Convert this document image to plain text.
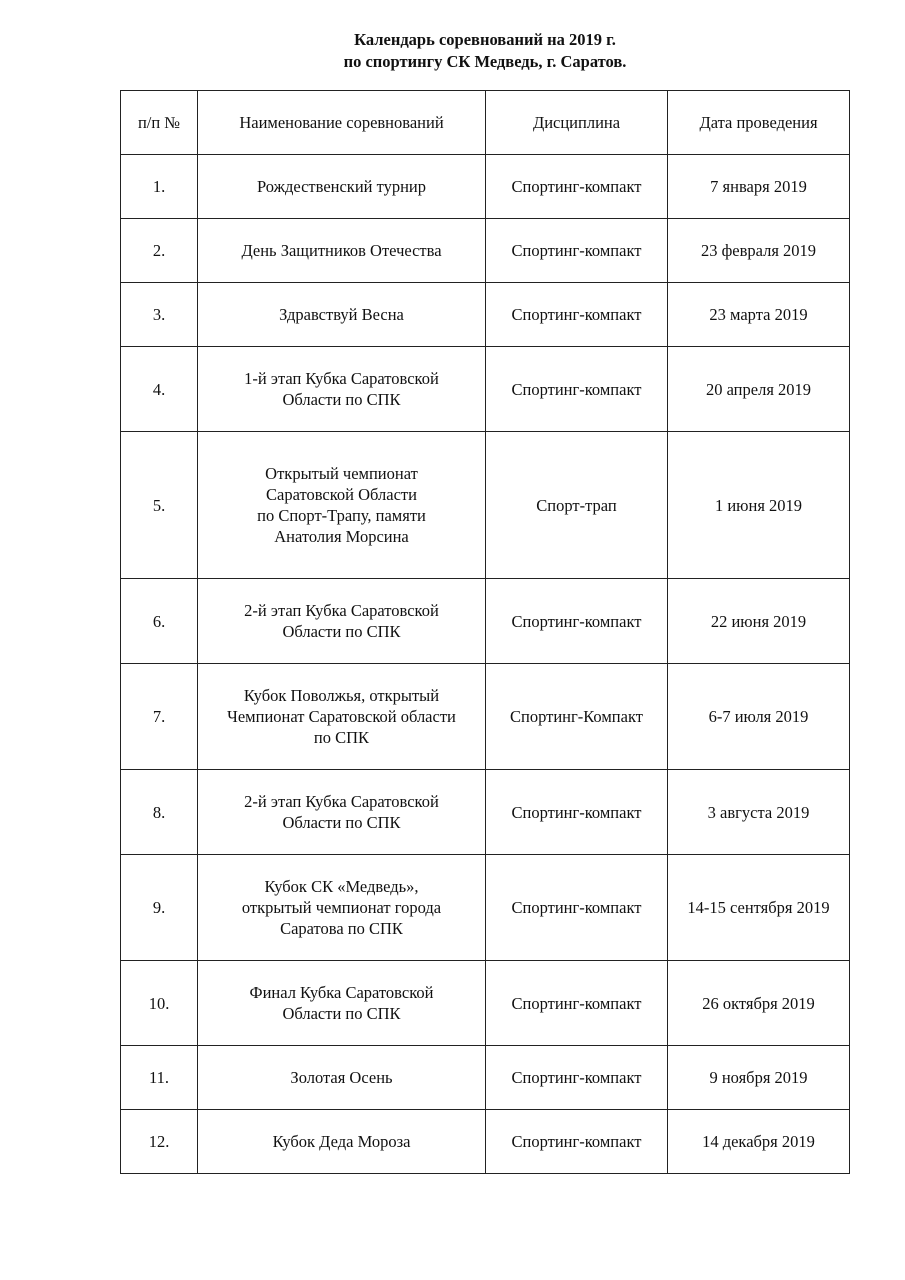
Календарь соревнований на 2019 г.
по спортингу СК Медведь, г. Саратов.
п/п №	Наименование соревнований	Дисциплина	Дата проведения
1.	Рождественский турнир	Спортинг-компакт	7 января 2019
2.	День Защитников Отечества	Спортинг-компакт	23 февраля 2019
3.	Здравствуй Весна	Спортинг-компакт	23 марта 2019
4.	1-й этап Кубка Саратовской
Области по СПК	Спортинг-компакт	20 апреля 2019
5.	Открытый чемпионат
Саратовской Области
по Спорт-Трапу, памяти
Анатолия Морсина	Спорт-трап	1 июня 2019
6.	2-й этап Кубка Саратовской
Области по СПК	Спортинг-компакт	22 июня 2019
7.	Кубок Поволжья, открытый
Чемпионат Саратовской области
по СПК	Спортинг-Компакт	6-7 июля 2019
8.	2-й этап Кубка Саратовской
Области по СПК	Спортинг-компакт	3 августа 2019
9.	Кубок СК «Медведь»,
открытый чемпионат города
Саратова по СПК	Спортинг-компакт	14-15 сентября 2019
10.	Финал Кубка Саратовской
Области по СПК	Спортинг-компакт	26 октября 2019
11.	Золотая Осень	Спортинг-компакт	9 ноября 2019
12.	Кубок Деда Мороза	Спортинг-компакт	14 декабря 2019
